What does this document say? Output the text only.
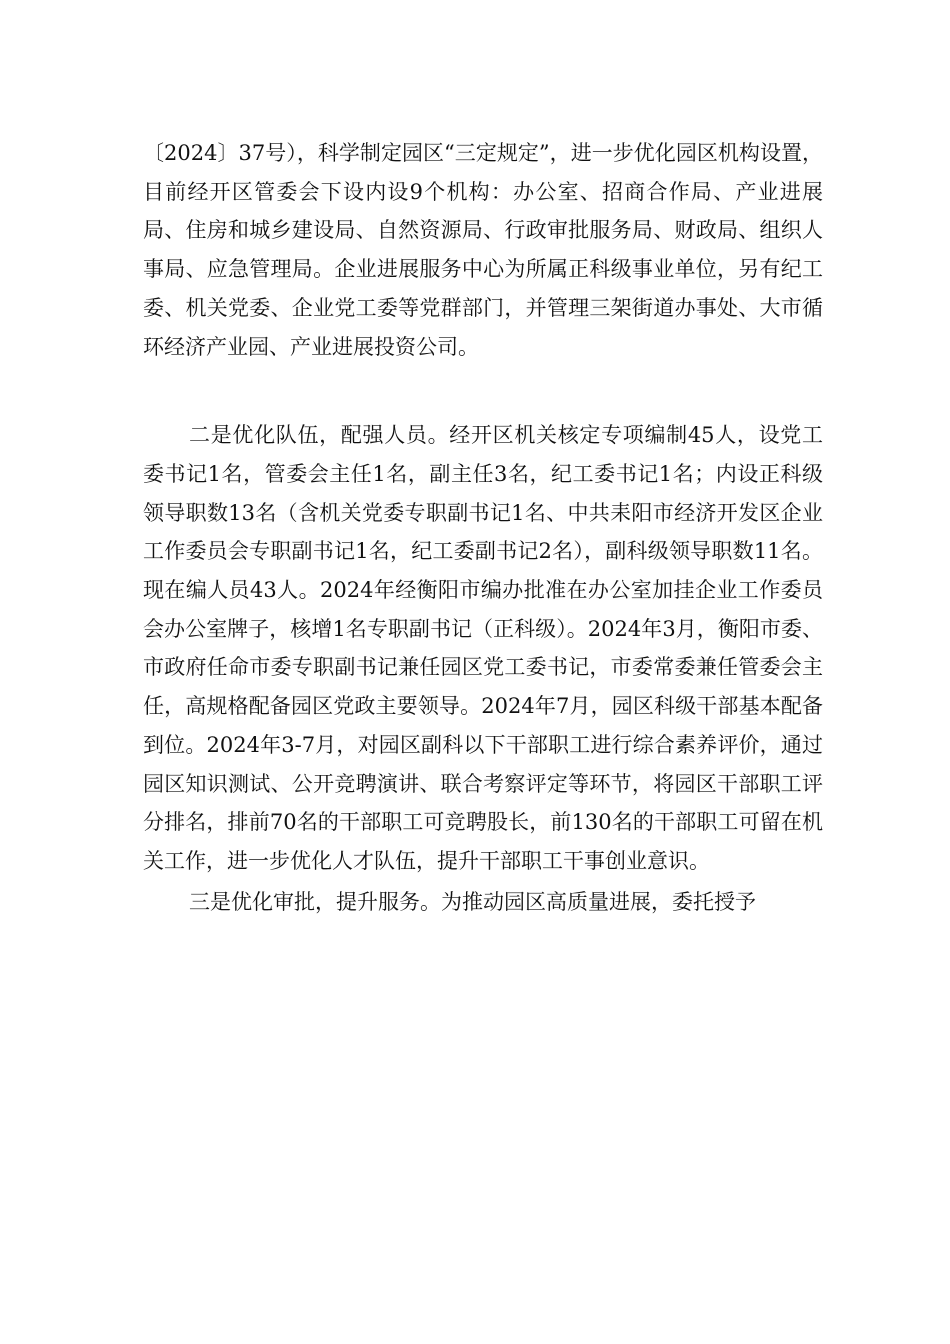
〔2024〕37号），科学制定园区“三定规定”，进一步优化园区机构设置，目前经开区管委会下设内设9个机构：办公室、招商合作局、产业进展局、住房和城乡建设局、自然资源局、行政审批服务局、财政局、组织人事局、应急管理局。企业进展服务中心为所属正科级事业单位，另有纪工委、机关党委、企业党工委等党群部门，并管理三架街道办事处、大市循环经济产业园、产业进展投资公司。

二是优化队伍，配强人员。经开区机关核定专项编制45人，设党工委书记1名，管委会主任1名，副主任3名，纪工委书记1名；内设正科级领导职数13名（含机关党委专职副书记1名、中共耒阳市经济开发区企业工作委员会专职副书记1名，纪工委副书记2名），副科级领导职数11名。现在编人员43人。2024年经衡阳市编办批准在办公室加挂企业工作委员会办公室牌子，核增1名专职副书记（正科级）。2024年3月，衡阳市委、市政府任命市委专职副书记兼任园区党工委书记，市委常委兼任管委会主任，高规格配备园区党政主要领导。2024年7月，园区科级干部基本配备到位。2024年3-7月，对园区副科以下干部职工进行综合素养评价，通过园区知识测试、公开竞聘演讲、联合考察评定等环节，将园区干部职工评分排名，排前70名的干部职工可竞聘股长，前130名的干部职工可留在机关工作，进一步优化人才队伍，提升干部职工干事创业意识。

三是优化审批，提升服务。为推动园区高质量进展，委托授予
